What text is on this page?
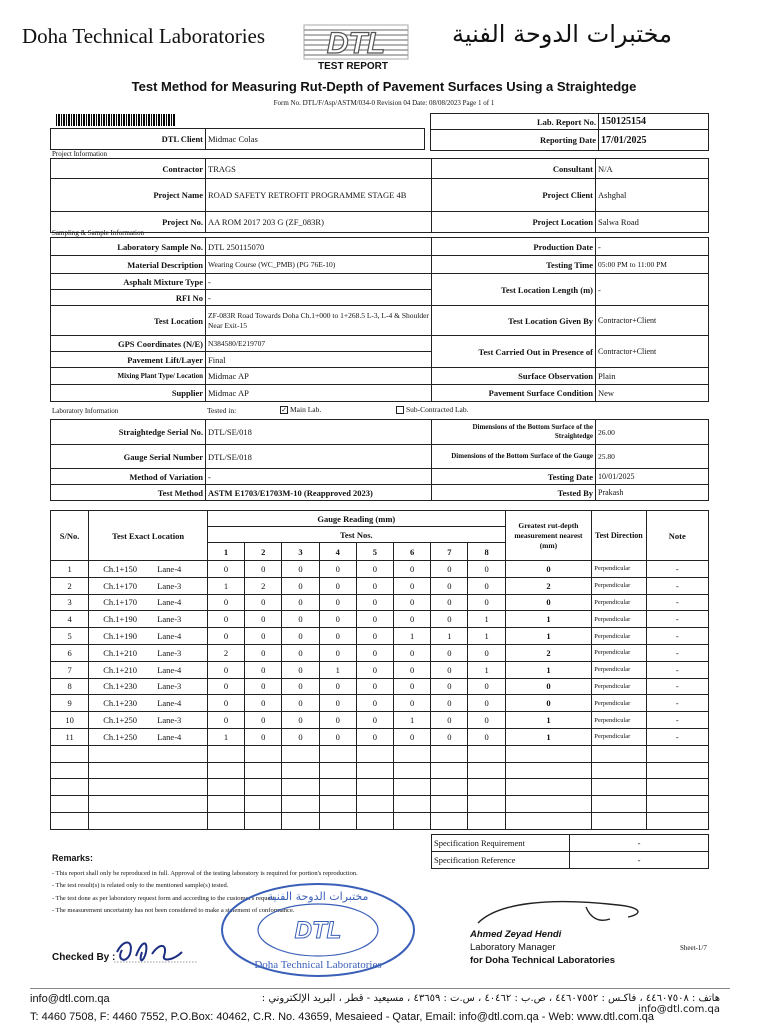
Doha Technical Laboratories DTL	مختبرات الدوحة الفنية
TEST REPORT
Test Method for Measuring Rut-Depth of Pavement Surfaces Using a Straightedge
Form No. DTL/F/Asp/ASTM/034-0 Revision 04 Date: 08/08/2023 Page 1 of 1
DTL Client	Midmac Colas
Lab. Report No.	150125154
Reporting Date	17/01/2025
Project Information
Contractor	TRAGS	Consultant	N/A
Project Name	ROAD SAFETY RETROFIT PROGRAMME STAGE 4B	Project Client	Ashghal
Project No.	AA ROM 2017 203 G (ZF_083R)	Project Location	Salwa Road
Sampling & Sample Information
Laboratory Sample No.	DTL 250115070	Production Date	-
Material Description	Wearing Course (WC_PMB) (PG 76E-10)	Testing Time	05:00 PM to 11:00 PM
Asphalt Mixture Type	-	Test Location Length (m)	-
RFI No	-		
Test Location	ZF-083R Road Towards Doha Ch.1+000 to 1+268.5 L-3, L-4 & Shoulder Near Exit-15	Test Location Given By	Contractor+Client
GPS Coordinates (N/E)	N384580/E219707	Test Carried Out in Presence of	Contractor+Client
Pavement Lift/Layer	Final		
Mixing Plant Type/ Location	Midmac AP	Surface Observation	Plain
Supplier	Midmac AP	Pavement Surface Condition	New
Laboratory Information	Tested in:	✓ Main Lab.	Sub-Contracted Lab.
Straightedge Serial No.	DTL/SE/018	Dimensions of the Bottom Surface of the Straightedge	26.00
Gauge Serial Number	DTL/SE/018	Dimensions of the Bottom Surface of the Gauge	25.80
Method of Variation	-	Testing Date	10/01/2025
Test Method	ASTM E1703/E1703M-10 (Reapproved 2023)	Tested By	Prakash
S/No.	Test Exact Location	Gauge Reading (mm)								Greatest rut-depth measurement nearest (mm)	Test Direction	Note
		Test Nos.										
		1	2	3	4	5	6	7	8			
1	Ch.1+150 Lane-4	0	0	0	0	0	0	0	0	0	Perpendicular	-
2	Ch.1+170 Lane-3	1	2	0	0	0	0	0	0	2	Perpendicular	-
3	Ch.1+170 Lane-4	0	0	0	0	0	0	0	0	0	Perpendicular	-
4	Ch.1+190 Lane-3	0	0	0	0	0	0	0	1	1	Perpendicular	-
5	Ch.1+190 Lane-4	0	0	0	0	0	1	1	1	1	Perpendicular	-
6	Ch.1+210 Lane-3	2	0	0	0	0	0	0	0	2	Perpendicular	-
7	Ch.1+210 Lane-4	0	0	0	1	0	0	0	1	1	Perpendicular	-
8	Ch.1+230 Lane-3	0	0	0	0	0	0	0	0	0	Perpendicular	-
9	Ch.1+230 Lane-4	0	0	0	0	0	0	0	0	0	Perpendicular	-
10	Ch.1+250 Lane-3	0	0	0	0	0	1	0	0	1	Perpendicular	-
11	Ch.1+250 Lane-4	1	0	0	0	0	0	0	0	1	Perpendicular	-

Specification Requirement	-
Specification Reference	-
Remarks:
- This report shall only be reproduced in full. Approval of the testing laboratory is required for portion's reproduction.
- The test result(s) is related only to the mentioned sample(s) tested.
- The test done as per laboratory request form and according to the customer's request.
- The measurement uncertainty has not been considered to make a statement of conformance.
مختبرات الدوحة الفنية
DTL
Doha Technical Laboratories
Checked By :
Ahmed Zeyad Hendi
Laboratory Manager
for Doha Technical Laboratories
Sheet-1/7
info@dtl.com.qa	هاتف : ٤٤٦٠٧٥٠٨ ، فاكـس : ٤٤٦٠٧٥٥٢ ، ص.ب : ٤٠٤٦٢ ، س.ت : ٤٣٦٥٩ ، مسيعيد - قطر ، البريد الإلكتروني : info@dtl.com.qa
T: 4460 7508, F: 4460 7552, P.O.Box: 40462, C.R. No. 43659, Mesaieed - Qatar, Email: info@dtl.com.qa - Web: www.dtl.com.qa
